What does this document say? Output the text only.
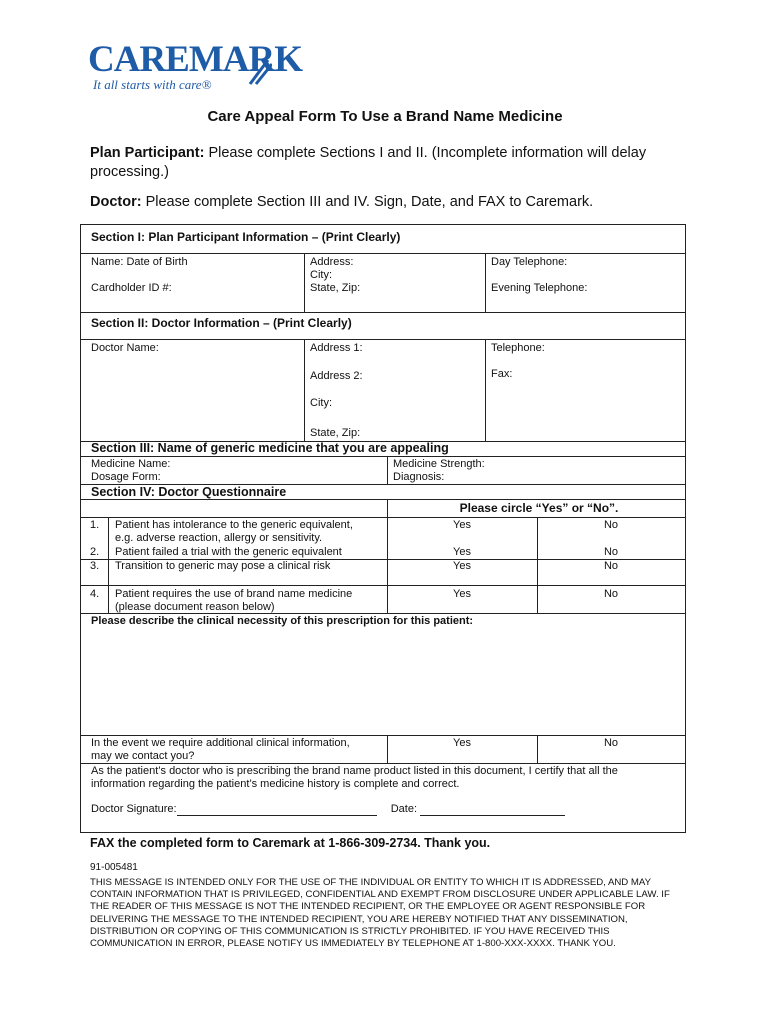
CAREMARK
It all starts with care®
Care Appeal Form To Use a Brand Name Medicine
Plan Participant: Please complete Sections I and II. (Incomplete information will delay processing.)
Doctor: Please complete Section III and IV. Sign, Date, and FAX to Caremark.
Section I: Plan Participant Information – (Print Clearly)
Name: Date of Birth
Cardholder ID #:
Address:
City:
State, Zip:
Day Telephone:
Evening Telephone:
Section II: Doctor Information – (Print Clearly)
Doctor Name:	Address 1:
Address 2:
City:
State, Zip:
Telephone:
Fax:
Section III: Name of generic medicine that you are appealing
Medicine Name:
Dosage Form:
Medicine Strength:
Diagnosis:
Section IV: Doctor Questionnaire
Please circle “Yes” or “No”.
1. Patient has intolerance to the generic equivalent,
e.g. adverse reaction, allergy or sensitivity.
Yes	No
2. Patient failed a trial with the generic equivalent	Yes	No
3. Transition to generic may pose a clinical risk	Yes	No
4. Patient requires the use of brand name medicine
(please document reason below)
Yes	No
Please describe the clinical necessity of this prescription for this patient:
In the event we require additional clinical information,
may we contact you?
Yes	No
As the patient’s doctor who is prescribing the brand name product listed in this document, I certify that all the
information regarding the patient’s medicine history is complete and correct.
Doctor Signature:	Date:
FAX the completed form to Caremark at 1-866-309-2734. Thank you.
91-005481
THIS MESSAGE IS INTENDED ONLY FOR THE USE OF THE INDIVIDUAL OR ENTITY TO WHICH IT IS ADDRESSED, AND MAY CONTAIN INFORMATION THAT IS PRIVILEGED, CONFIDENTIAL AND EXEMPT FROM DISCLOSURE UNDER APPLICABLE LAW. IF THE READER OF THIS MESSAGE IS NOT THE INTENDED RECIPIENT, OR THE EMPLOYEE OR AGENT RESPONSIBLE FOR DELIVERING THE MESSAGE TO THE INTENDED RECIPIENT, YOU ARE HEREBY NOTIFIED THAT ANY DISSEMINATION, DISTRIBUTION OR COPYING OF THIS COMMUNICATION IS STRICTLY PROHIBITED. IF YOU HAVE RECEIVED THIS COMMUNICATION IN ERROR, PLEASE NOTIFY US IMMEDIATELY BY TELEPHONE AT 1-800-XXX-XXXX. THANK YOU.
